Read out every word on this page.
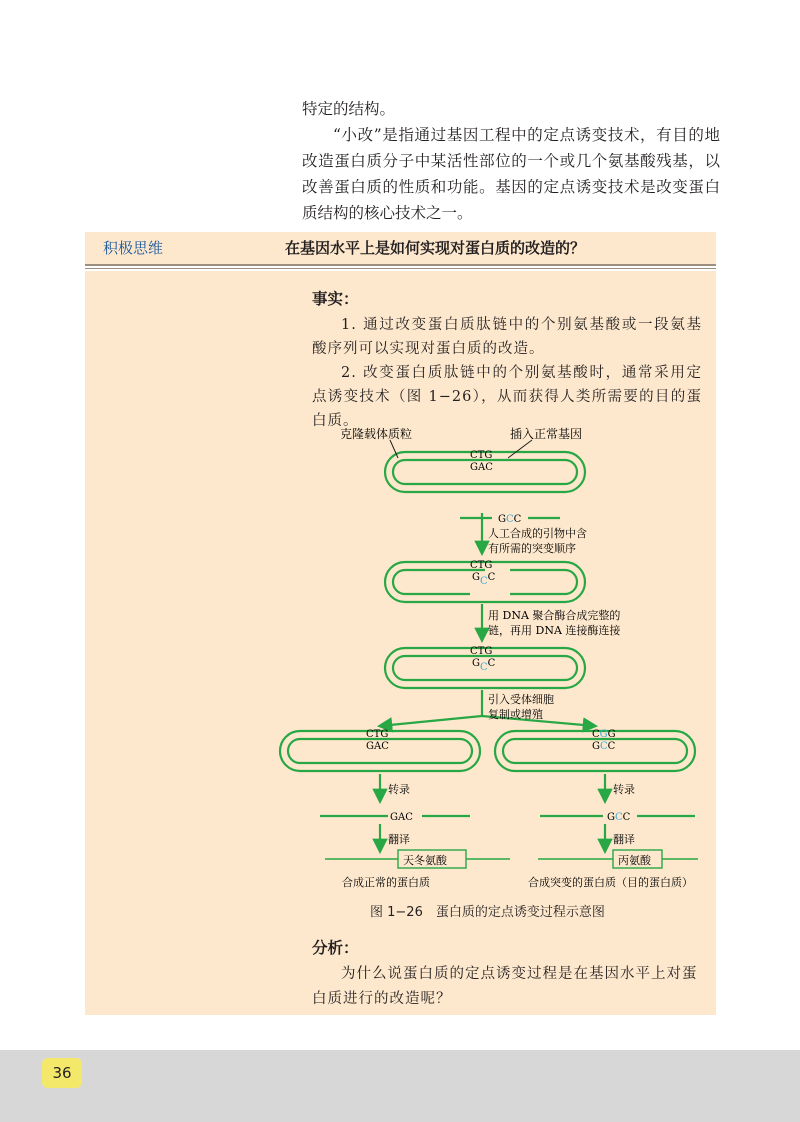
特定的结构。

“小改”是指通过基因工程中的定点诱变技术，有目的地改造蛋白质分子中某活性部位的一个或几个氨基酸残基，以改善蛋白质的性质和功能。基因的定点诱变技术是改变蛋白质结构的核心技术之一。

积极思维	在基因水平上是如何实现对蛋白质的改造的？
事实：

1. 通过改变蛋白质肽链中的个别氨基酸或一段氨基酸序列可以实现对蛋白质的改造。

2. 改变蛋白质肽链中的个别氨基酸时，通常采用定点诱变技术（图 1−26），从而获得人类所需要的目的蛋白质。

克隆载体质粒	插入正常基因
CTG
GAC
GCC
人工合成的引物中含
有所需的突变顺序
CTG
GCC
用 DNA 聚合酶合成完整的
链，再用 DNA 连接酶连接
CTG
GCC
引入受体细胞
复制或增殖
CTG
GAC
CGG
GCC
转录	转录
GAC	GCC
翻译	翻译
天冬氨酸	丙氨酸
合成正常的蛋白质	合成突变的蛋白质（目的蛋白质）
图 1−26　蛋白质的定点诱变过程示意图
分析：

为什么说蛋白质的定点诱变过程是在基因水平上对蛋白质进行的改造呢？

36
